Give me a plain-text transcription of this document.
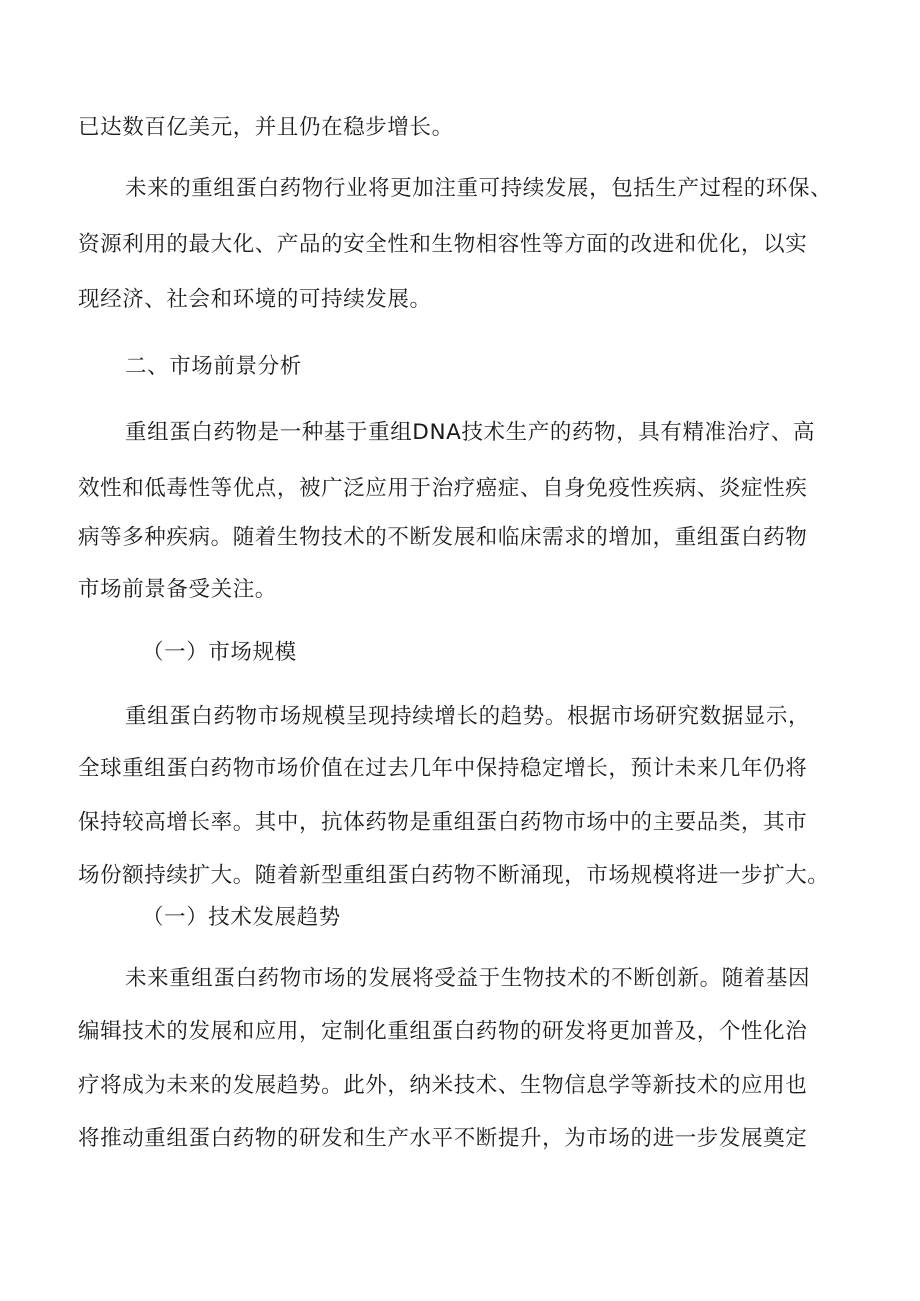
已达数百亿美元，并且仍在稳步增长。
未来的重组蛋白药物行业将更加注重可持续发展，包括生产过程的环保、
资源利用的最大化、产品的安全性和生物相容性等方面的改进和优化，以实
现经济、社会和环境的可持续发展。
二、市场前景分析
重组蛋白药物是一种基于重组DNA技术生产的药物，具有精准治疗、高
效性和低毒性等优点，被广泛应用于治疗癌症、自身免疫性疾病、炎症性疾
病等多种疾病。随着生物技术的不断发展和临床需求的增加，重组蛋白药物
市场前景备受关注。
（一）市场规模
重组蛋白药物市场规模呈现持续增长的趋势。根据市场研究数据显示，
全球重组蛋白药物市场价值在过去几年中保持稳定增长，预计未来几年仍将
保持较高增长率。其中，抗体药物是重组蛋白药物市场中的主要品类，其市
场份额持续扩大。随着新型重组蛋白药物不断涌现，市场规模将进一步扩大。
（一）技术发展趋势
未来重组蛋白药物市场的发展将受益于生物技术的不断创新。随着基因
编辑技术的发展和应用，定制化重组蛋白药物的研发将更加普及，个性化治
疗将成为未来的发展趋势。此外，纳米技术、生物信息学等新技术的应用也
将推动重组蛋白药物的研发和生产水平不断提升，为市场的进一步发展奠定
